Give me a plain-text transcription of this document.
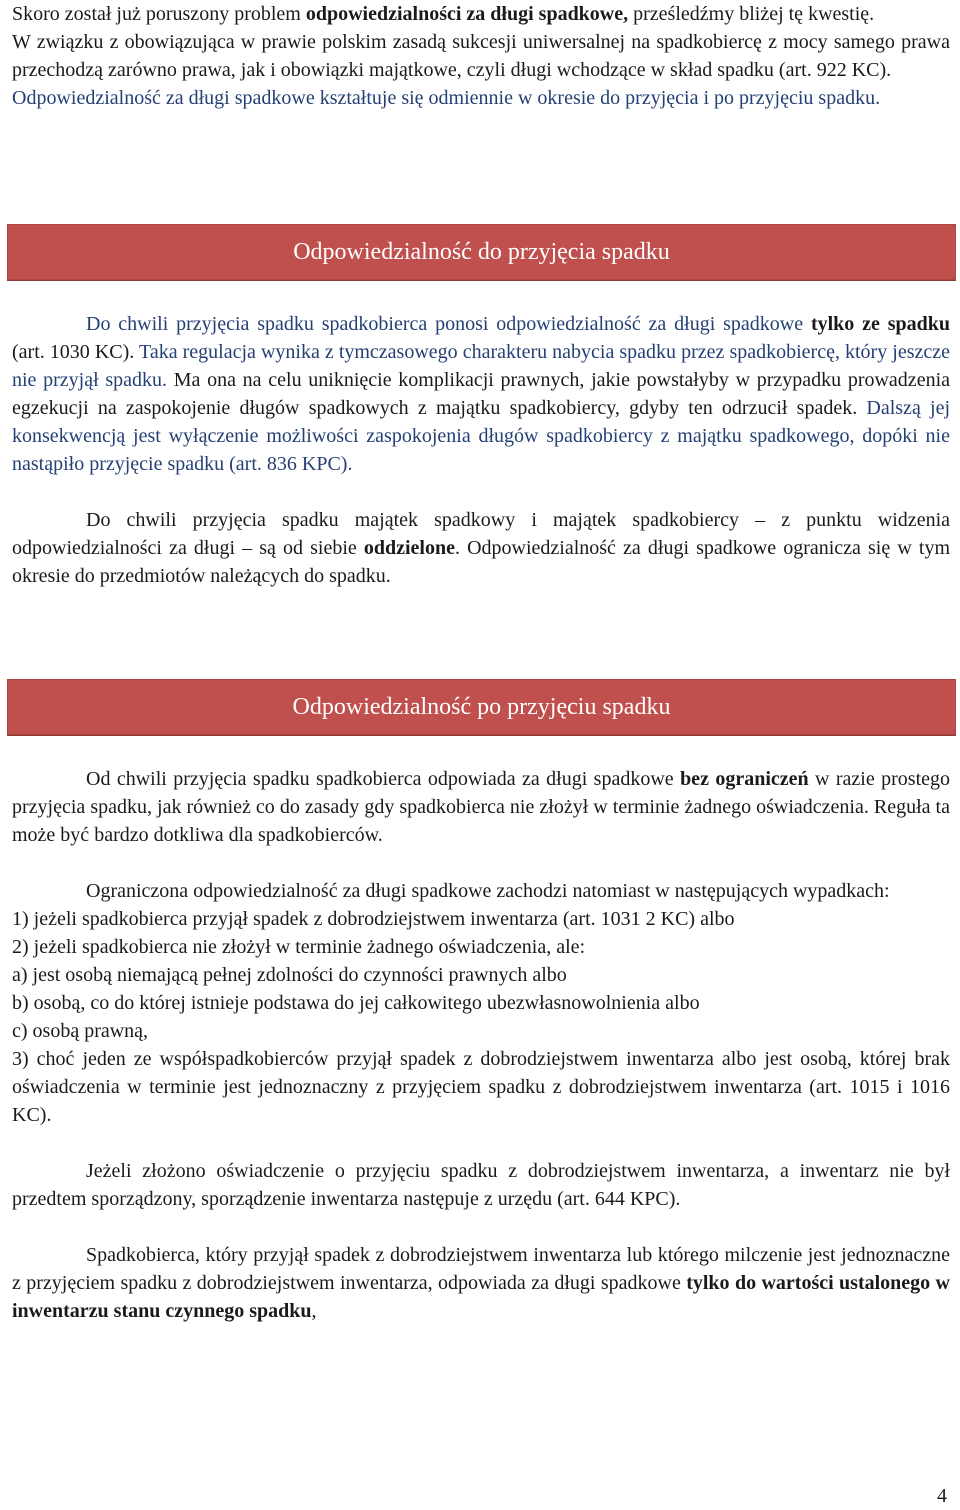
Skoro został już poruszony problem odpowiedzialności za długi spadkowe, prześledźmy bliżej tę kwestię.

W związku z obowiązująca w prawie polskim zasadą sukcesji uniwersalnej na spadkobiercę z mocy samego prawa przechodzą zarówno prawa, jak i obowiązki majątkowe, czyli długi wchodzące w skład spadku (art. 922 KC).

Odpowiedzialność za długi spadkowe kształtuje się odmiennie w okresie do przyjęcia i po przyjęciu spadku.

Odpowiedzialność do przyjęcia spadku

Do chwili przyjęcia spadku spadkobierca ponosi odpowiedzialność za długi spadkowe tylko ze spadku (art. 1030 KC). Taka regulacja wynika z tymczasowego charakteru nabycia spadku przez spadkobiercę, który jeszcze nie przyjął spadku. Ma ona na celu uniknięcie komplikacji prawnych, jakie powstałyby w przypadku prowadzenia egzekucji na zaspokojenie długów spadkowych z majątku spadkobiercy, gdyby ten odrzucił spadek. Dalszą jej konsekwencją jest wyłączenie możliwości zaspokojenia długów spadkobiercy z majątku spadkowego, dopóki nie nastąpiło przyjęcie spadku (art. 836 KPC).

Do chwili przyjęcia spadku majątek spadkowy i majątek spadkobiercy – z punktu widzenia odpowiedzialności za długi – są od siebie oddzielone. Odpowiedzialność za długi spadkowe ogranicza się w tym okresie do przedmiotów należących do spadku.

Odpowiedzialność po przyjęciu spadku

Od chwili przyjęcia spadku spadkobierca odpowiada za długi spadkowe bez ograniczeń w razie prostego przyjęcia spadku, jak również co do zasady gdy spadkobierca nie złożył w terminie żadnego oświadczenia. Reguła ta może być bardzo dotkliwa dla spadkobierców.

Ograniczona odpowiedzialność za długi spadkowe zachodzi natomiast w następujących wypadkach:

1) jeżeli spadkobierca przyjął spadek z dobrodziejstwem inwentarza (art. 1031 2 KC) albo
2) jeżeli spadkobierca nie złożył w terminie żadnego oświadczenia, ale:
a) jest osobą niemającą pełnej zdolności do czynności prawnych albo
b) osobą, co do której istnieje podstawa do jej całkowitego ubezwłasnowolnienia albo
c) osobą prawną,

3) choć jeden ze współspadkobierców przyjął spadek z dobrodziejstwem inwentarza albo jest osobą, której brak oświadczenia w terminie jest jednoznaczny z przyjęciem spadku z dobrodziejstwem inwentarza (art. 1015 i 1016 KC).

Jeżeli złożono oświadczenie o przyjęciu spadku z dobrodziejstwem inwentarza, a inwentarz nie był przedtem sporządzony, sporządzenie inwentarza następuje z urzędu (art. 644 KPC).

Spadkobierca, który przyjął spadek z dobrodziejstwem inwentarza lub którego milczenie jest jednoznaczne z przyjęciem spadku z dobrodziejstwem inwentarza, odpowiada za długi spadkowe tylko do wartości ustalonego w inwentarzu stanu czynnego spadku,

4
